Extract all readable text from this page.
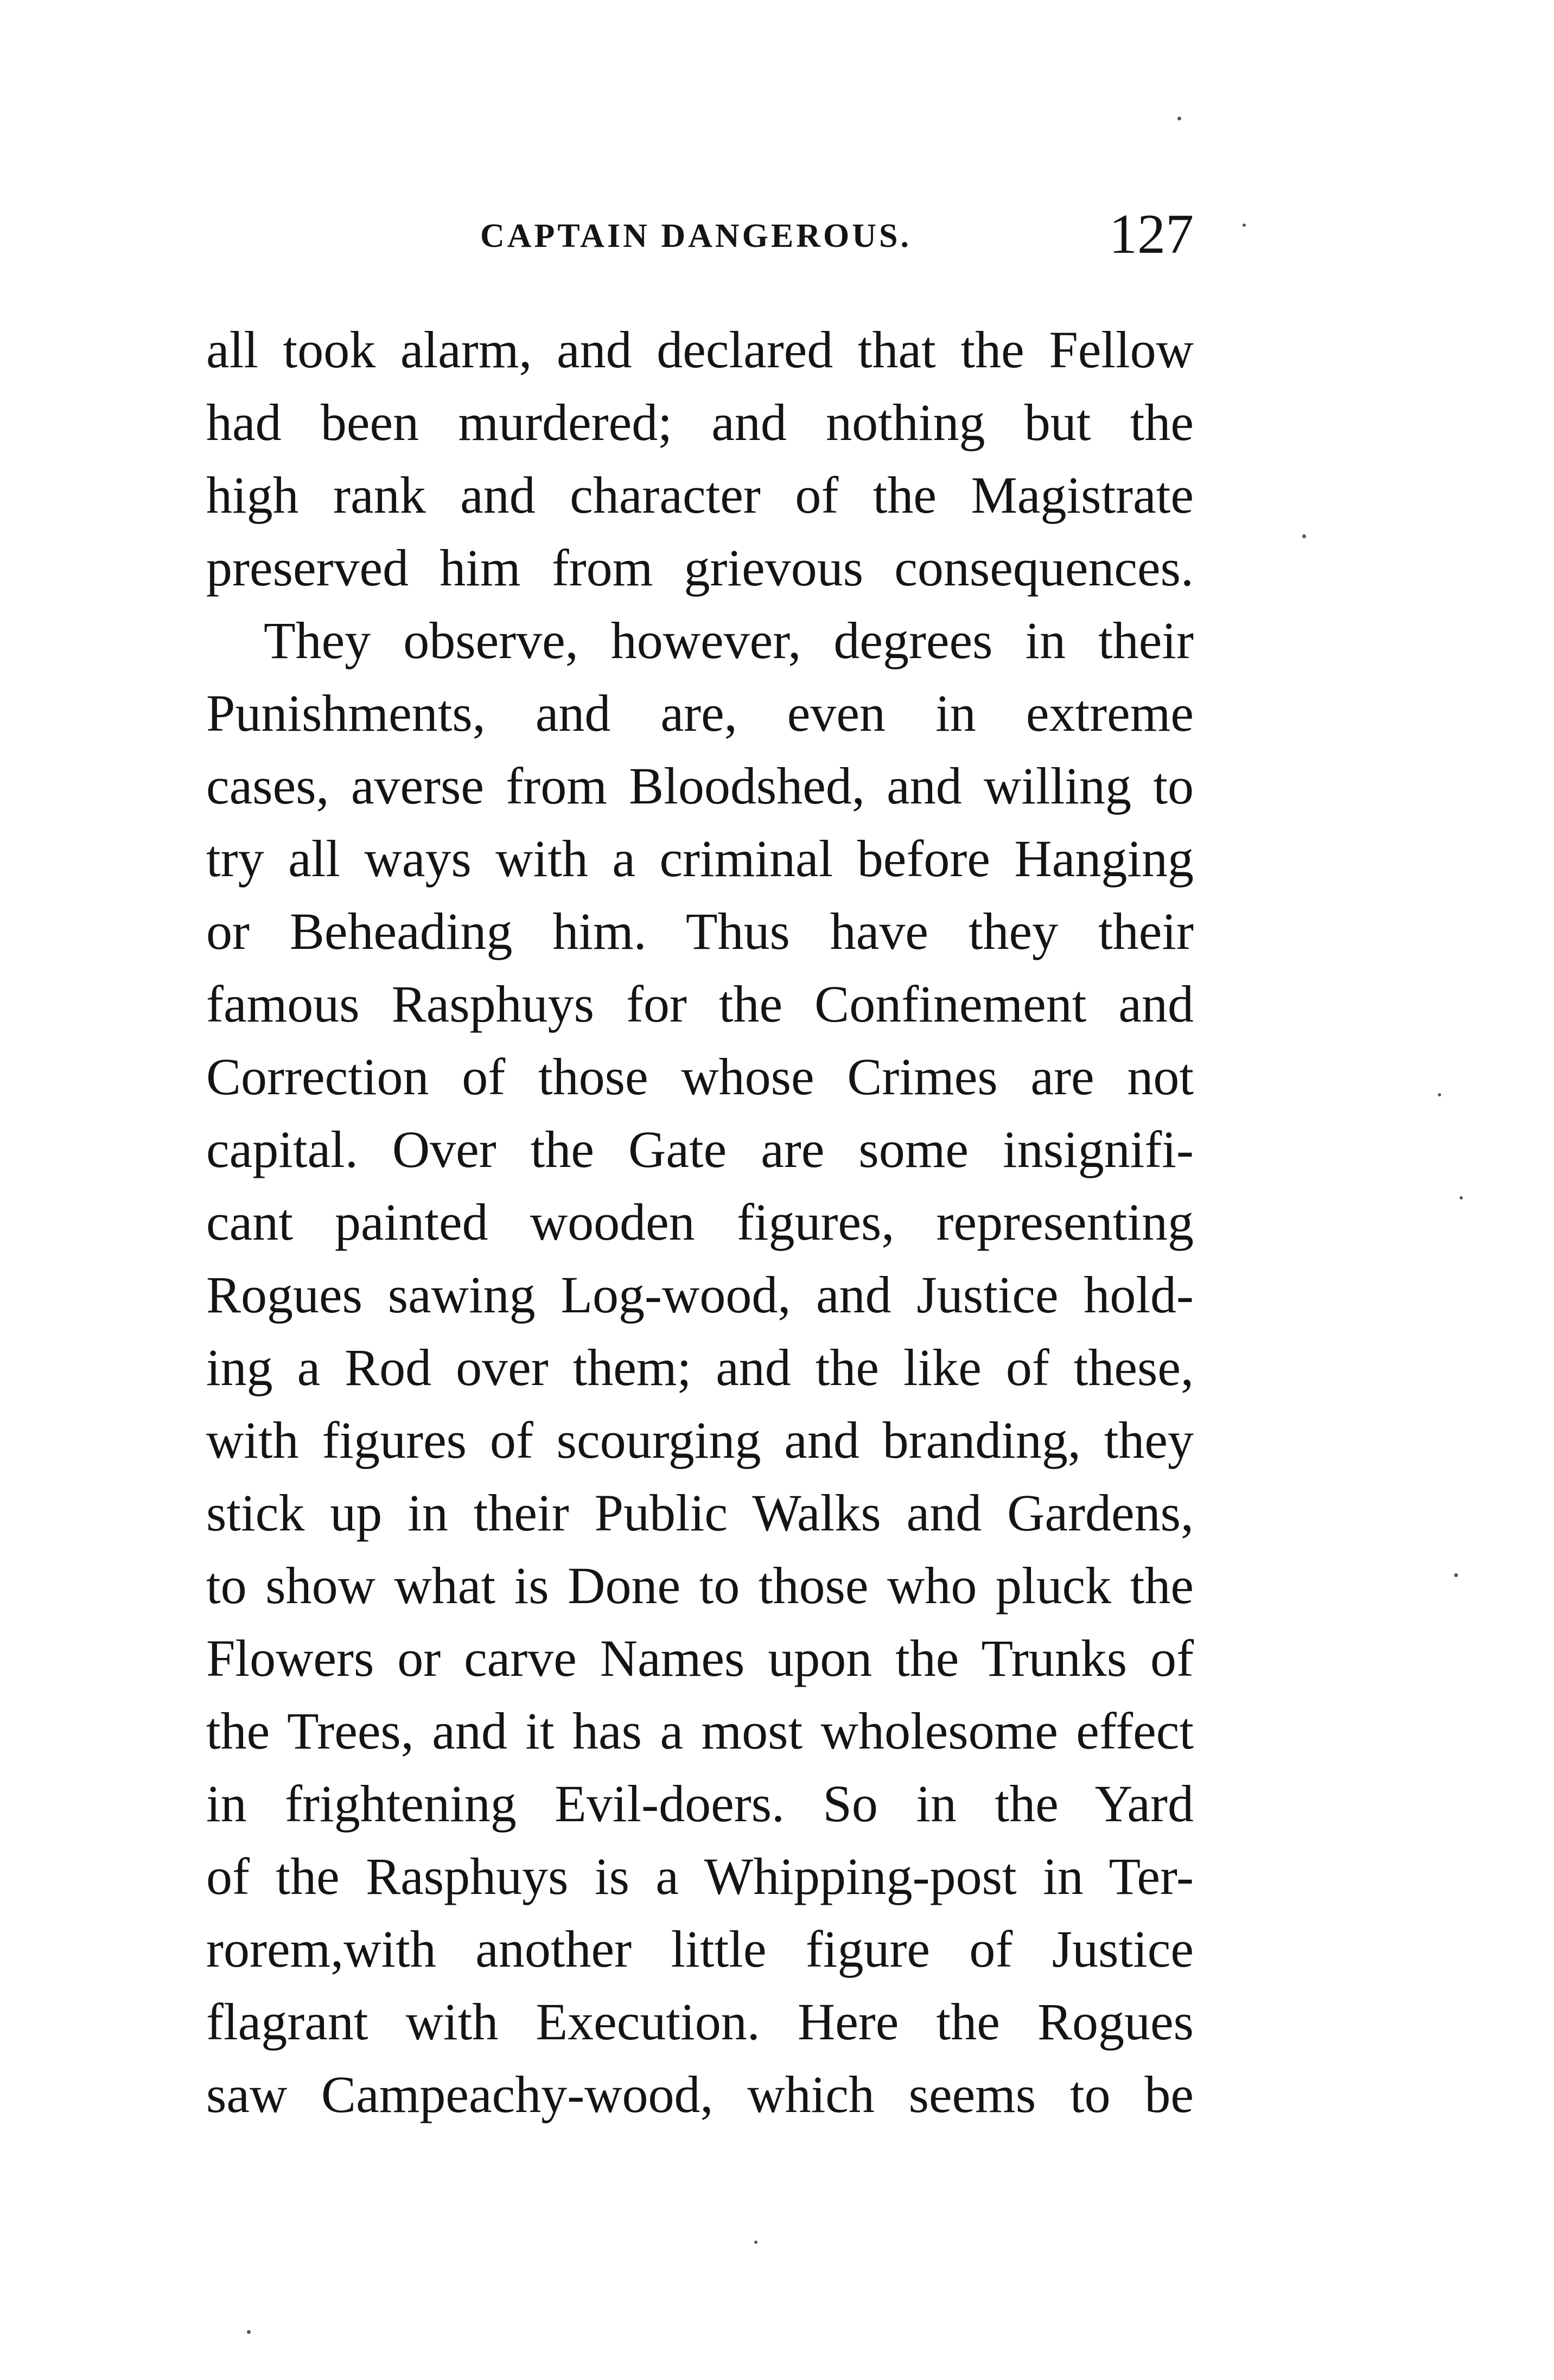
CAPTAIN DANGEROUS.	127
all took alarm, and declared that the Fellow
had been murdered; and nothing but the
high rank and character of the Magistrate
preserved him from grievous consequences.
They observe, however, degrees in their
Punishments, and are, even in extreme
cases, averse from Bloodshed, and willing to
try all ways with a criminal before Hanging
or Beheading him. Thus have they their
famous Rasphuys for the Confinement and
Correction of those whose Crimes are not
capital. Over the Gate are some insignifi-
cant painted wooden figures, representing
Rogues sawing Log-wood, and Justice hold-
ing a Rod over them; and the like of these,
with figures of scourging and branding, they
stick up in their Public Walks and Gardens,
to show what is Done to those who pluck the
Flowers or carve Names upon the Trunks of
the Trees, and it has a most wholesome effect
in frightening Evil-doers. So in the Yard
of the Rasphuys is a Whipping-post in Ter-
rorem,with another little figure of Justice
flagrant with Execution. Here the Rogues
saw Campeachy-wood, which seems to be
